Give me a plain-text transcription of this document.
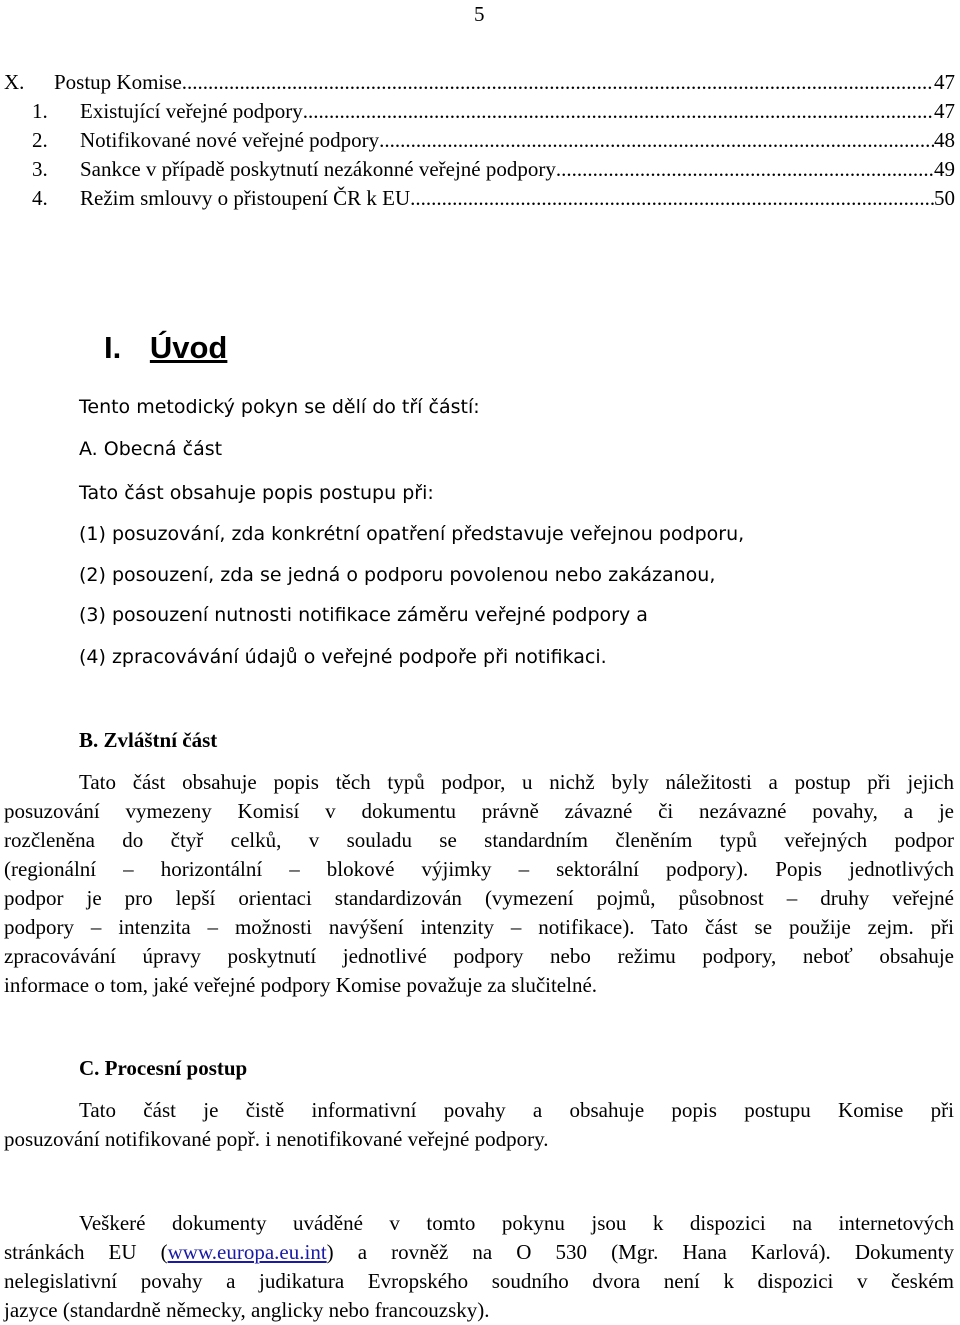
5
X.	Postup Komise .....	47
1.	Existující veřejné podpory .....	47
2.	Notifikované nové veřejné podpory .....	48
3.	Sankce v případě poskytnutí nezákonné veřejné podpory .....	49
4.	Režim smlouvy o přistoupení ČR k EU .....	50
I. Úvod
Tento metodický pokyn se dělí do tří částí:
A. Obecná část
Tato část obsahuje popis postupu při:
(1) posuzování, zda konkrétní opatření představuje veřejnou podporu,
(2) posouzení, zda se jedná o podporu povolenou nebo zakázanou,
(3) posouzení nutnosti notifikace záměru veřejné podpory a
(4) zpracovávání údajů o veřejné podpoře při notifikaci.
B. Zvláštní část
Tato část obsahuje popis těch typů podpor, u nichž byly náležitosti a postup při jejich
posuzování vymezeny Komisí v dokumentu právně závazné či nezávazné povahy, a je
rozčleněna do čtyř celků, v souladu se standardním členěním typů veřejných podpor
(regionální – horizontální – blokové výjimky – sektorální podpory). Popis jednotlivých
podpor je pro lepší orientaci standardizován (vymezení pojmů, působnost – druhy veřejné
podpory – intenzita – možnosti navýšení intenzity – notifikace). Tato část se použije zejm. při
zpracovávání úpravy poskytnutí jednotlivé podpory nebo režimu podpory, neboť obsahuje
informace o tom, jaké veřejné podpory Komise považuje za slučitelné.
C. Procesní postup
Tato část je čistě informativní povahy a obsahuje popis postupu Komise při
posuzování notifikované popř. i nenotifikované veřejné podpory.
Veškeré dokumenty uváděné v tomto pokynu jsou k dispozici na internetových
stránkách EU (www.europa.eu.int) a rovněž na O 530 (Mgr. Hana Karlová). Dokumenty
nelegislativní povahy a judikatura Evropského soudního dvora není k dispozici v českém
jazyce (standardně německy, anglicky nebo francouzsky).
